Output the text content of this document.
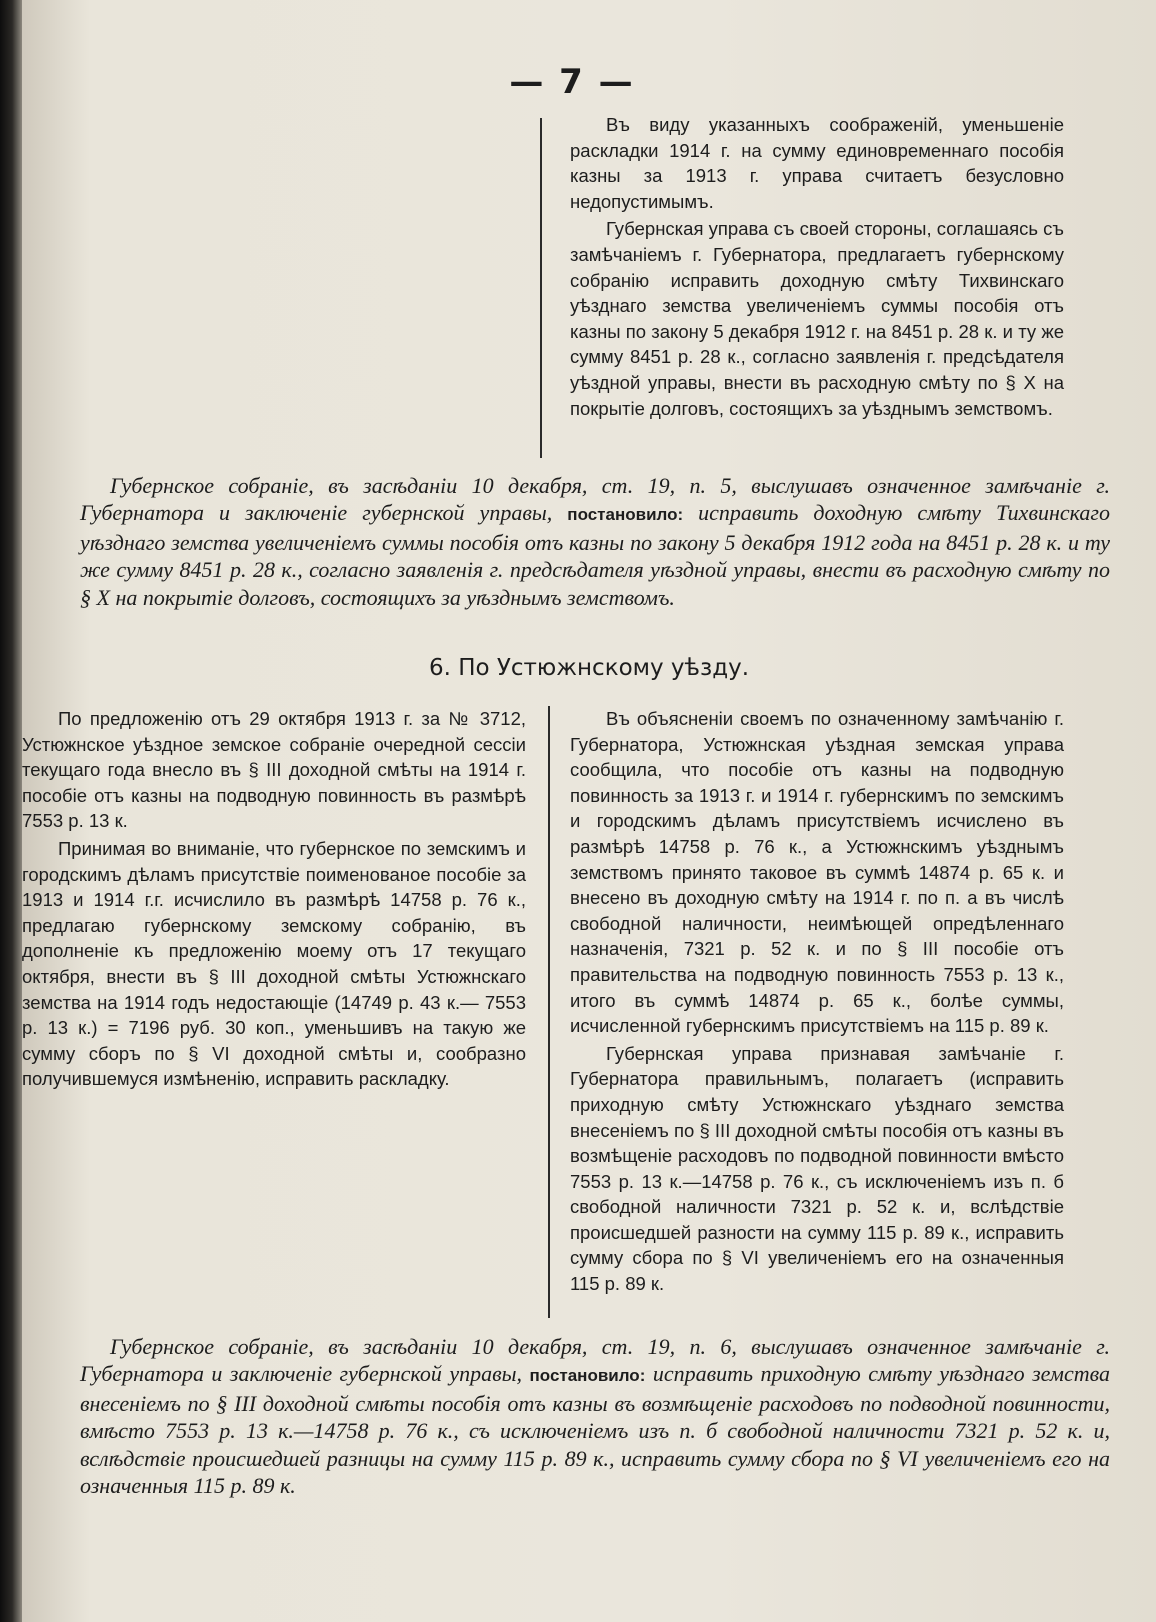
— 7 —

Въ виду указанныхъ соображеній, уменьшеніе раскладки 1914 г. на сумму единовременнаго пособія казны за 1913 г. управа считаетъ безусловно недопустимымъ.

Губернская управа съ своей стороны, соглашаясь съ замѣчаніемъ г. Губернатора, предлагаетъ губернскому собранію исправить доходную смѣту Тихвинскаго уѣзднаго земства увеличеніемъ суммы пособія отъ казны по закону 5 декабря 1912 г. на 8451 р. 28 к. и ту же сумму 8451 р. 28 к., согласно заявленія г. предсѣдателя уѣздной управы, внести въ расходную смѣту по § X на покрытіе долговъ, состоящихъ за уѣзднымъ земствомъ.

Губернское собраніе, въ засѣданіи 10 декабря, ст. 19, п. 5, выслушавъ означенное замѣчаніе г. Губернатора и заключеніе губернской управы, постановило: исправить доходную смѣту Тихвинскаго уѣзднаго земства увеличеніемъ суммы пособія отъ казны по закону 5 декабря 1912 года на 8451 р. 28 к. и ту же сумму 8451 р. 28 к., согласно заявленія г. предсѣдателя уѣздной управы, внести въ расходную смѣту по § X на покрытіе долговъ, состоящихъ за уѣзднымъ земствомъ.
6. По Устюжнскому уѣзду.

По предложенію отъ 29 октября 1913 г. за № 3712, Устюжнское уѣздное земское собраніе очередной сессіи текущаго года внесло въ § III доходной смѣты на 1914 г. пособіе отъ казны на подводную повинность въ размѣрѣ 7553 р. 13 к.

Принимая во вниманіе, что губернское по земскимъ и городскимъ дѣламъ присутствіе поименованое пособіе за 1913 и 1914 г.г. исчислило въ размѣрѣ 14758 р. 76 к., предлагаю губернскому земскому собранію, въ дополненіе къ предложенію моему отъ 17 текущаго октября, внести въ § III доходной смѣты Устюжнскаго земства на 1914 годъ недостающіе (14749 р. 43 к.— 7553 р. 13 к.) = 7196 руб. 30 коп., уменьшивъ на такую же сумму сборъ по § VI доходной смѣты и, сообразно получившемуся измѣненію, исправить раскладку.

Въ объясненіи своемъ по означенному замѣчанію г. Губернатора, Устюжнская уѣздная земская управа сообщила, что пособіе отъ казны на подводную повинность за 1913 г. и 1914 г. губернскимъ по земскимъ и городскимъ дѣламъ присутствіемъ исчислено въ размѣрѣ 14758 р. 76 к., а Устюжнскимъ уѣзднымъ земствомъ принято таковое въ суммѣ 14874 р. 65 к. и внесено въ доходную смѣту на 1914 г. по п. а въ числѣ свободной наличности, неимѣющей опредѣленнаго назначенія, 7321 р. 52 к. и по § III пособіе отъ правительства на подводную повинность 7553 р. 13 к., итого въ суммѣ 14874 р. 65 к., болѣе суммы, исчисленной губернскимъ присутствіемъ на 115 р. 89 к.

Губернская управа признавая замѣчаніе г. Губернатора правильнымъ, полагаетъ (исправить приходную смѣту Устюжнскаго уѣзднаго земства внесеніемъ по § III доходной смѣты пособія отъ казны въ возмѣщеніе расходовъ по подводной повинности вмѣсто 7553 р. 13 к.—14758 р. 76 к., съ исключеніемъ изъ п. б свободной наличности 7321 р. 52 к. и, вслѣдствіе происшедшей разности на сумму 115 р. 89 к., исправить сумму сбора по § VI увеличеніемъ его на означенныя 115 р. 89 к.

Губернское собраніе, въ засѣданіи 10 декабря, ст. 19, п. 6, выслушавъ означенное замѣчаніе г. Губернатора и заключеніе губернской управы, постановило: исправить приходную смѣту уѣзднаго земства внесеніемъ по § III доходной смѣты пособія отъ казны въ возмѣщеніе расходовъ по подводной повинности, вмѣсто 7553 р. 13 к.—14758 р. 76 к., съ исключеніемъ изъ п. б свободной наличности 7321 р. 52 к. и, вслѣдствіе происшедшей разницы на сумму 115 р. 89 к., исправить сумму сбора по § VI увеличеніемъ его на означенныя 115 р. 89 к.
